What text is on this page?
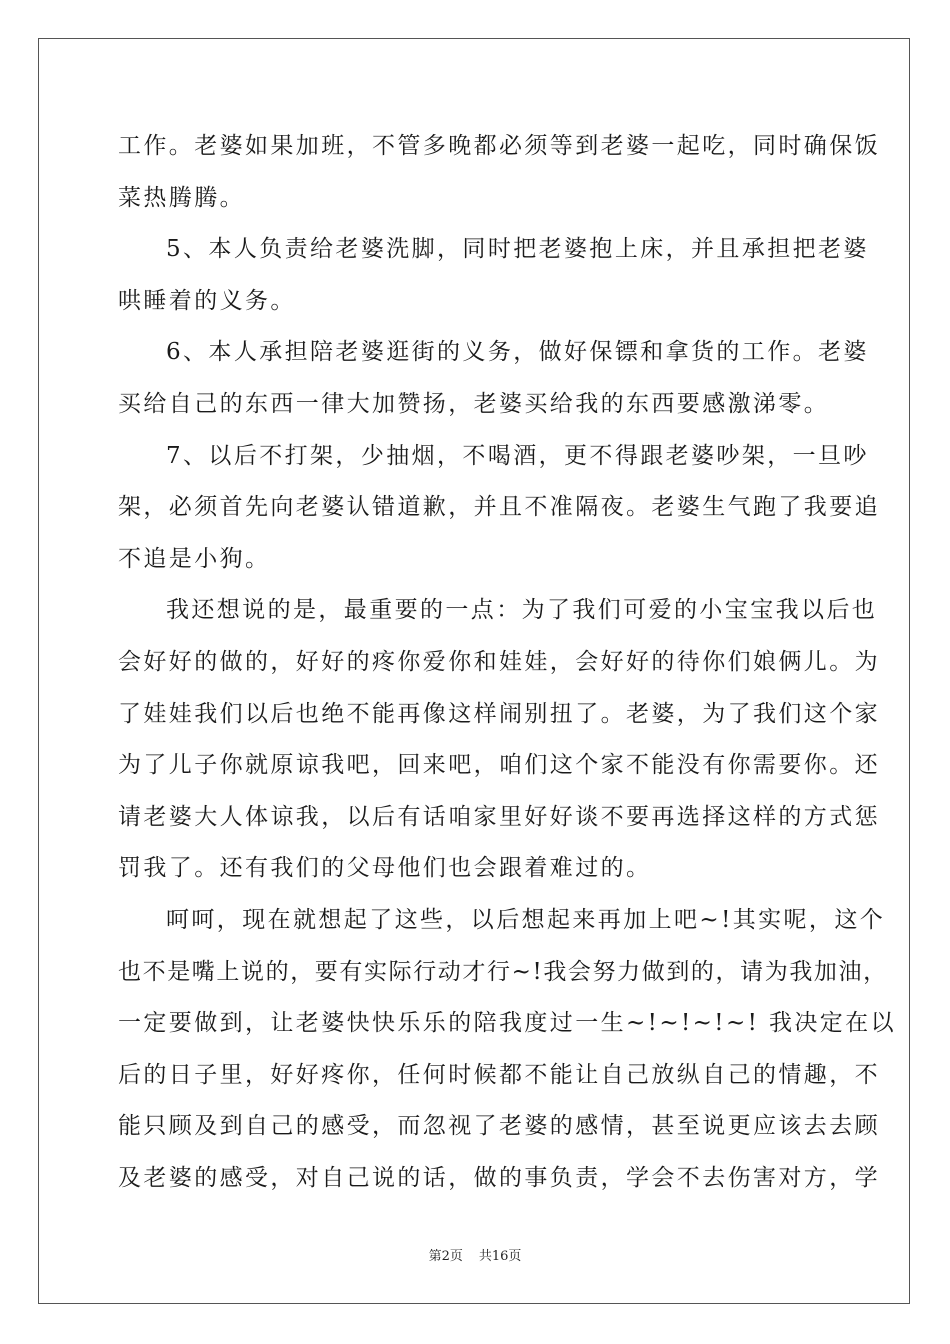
工作。老婆如果加班，不管多晚都必须等到老婆一起吃，同时确保饭
菜热腾腾。
5、本人负责给老婆洗脚，同时把老婆抱上床，并且承担把老婆
哄睡着的义务。
6、本人承担陪老婆逛街的义务，做好保镖和拿货的工作。老婆
买给自己的东西一律大加赞扬，老婆买给我的东西要感激涕零。
7、以后不打架，少抽烟，不喝酒，更不得跟老婆吵架，一旦吵
架，必须首先向老婆认错道歉，并且不准隔夜。老婆生气跑了我要追
不追是小狗。
我还想说的是，最重要的一点：为了我们可爱的小宝宝我以后也
会好好的做的，好好的疼你爱你和娃娃，会好好的待你们娘俩儿。为
了娃娃我们以后也绝不能再像这样闹别扭了。老婆，为了我们这个家
为了儿子你就原谅我吧，回来吧，咱们这个家不能没有你需要你。还
请老婆大人体谅我，以后有话咱家里好好谈不要再选择这样的方式惩
罚我了。还有我们的父母他们也会跟着难过的。
呵呵，现在就想起了这些，以后想起来再加上吧~!其实呢，这个
也不是嘴上说的，要有实际行动才行~!我会努力做到的，请为我加油，
一定要做到，让老婆快快乐乐的陪我度过一生~!~!~!~! 我决定在以
后的日子里，好好疼你，任何时候都不能让自己放纵自己的情趣，不
能只顾及到自己的感受，而忽视了老婆的感情，甚至说更应该去去顾
及老婆的感受，对自己说的话，做的事负责，学会不去伤害对方，学
第2页 共16页
